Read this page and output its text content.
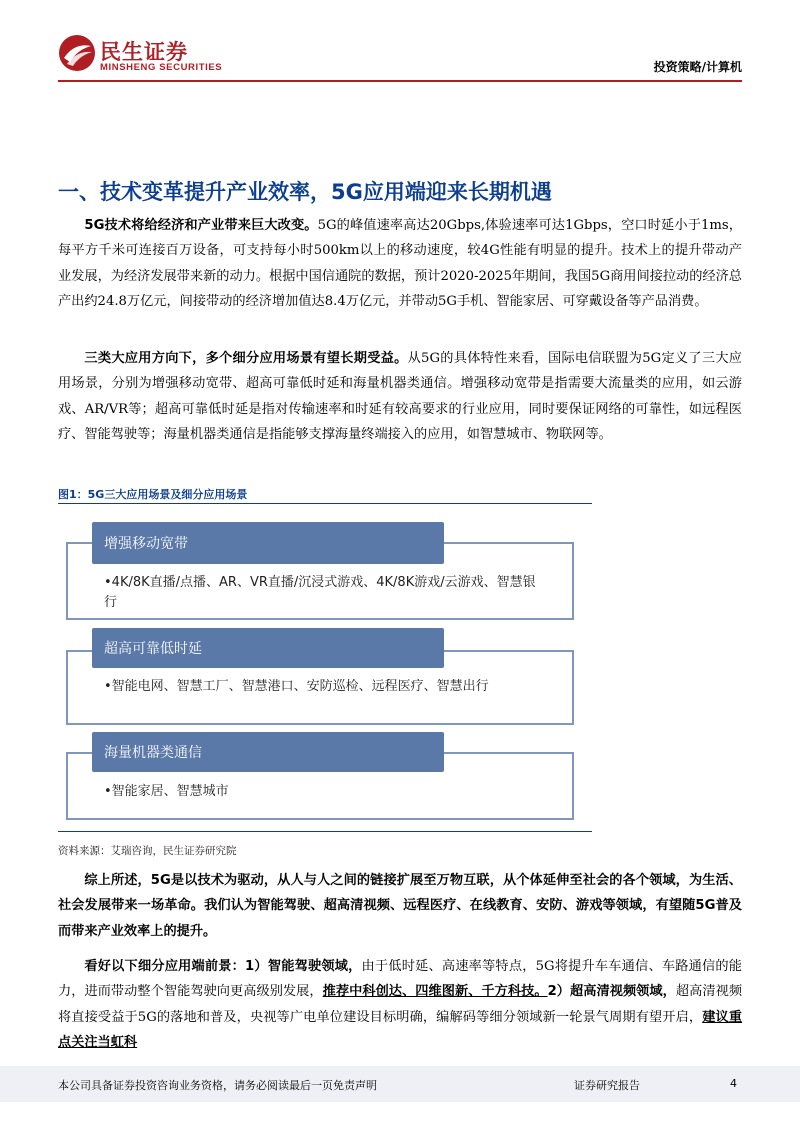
民生证券
MINSHENG SECURITIES	投资策略/计算机
一、技术变革提升产业效率，5G应用端迎来长期机遇
5G技术将给经济和产业带来巨大改变。5G的峰值速率高达20Gbps,体验速率可达1Gbps，空口时延小于1ms，每平方千米可连接百万设备，可支持每小时500km以上的移动速度，较4G性能有明显的提升。技术上的提升带动产业发展，为经济发展带来新的动力。根据中国信通院的数据，预计2020-2025年期间，我国5G商用间接拉动的经济总产出约24.8万亿元，间接带动的经济增加值达8.4万亿元，并带动5G手机、智能家居、可穿戴设备等产品消费。
三类大应用方向下，多个细分应用场景有望长期受益。从5G的具体特性来看，国际电信联盟为5G定义了三大应用场景，分别为增强移动宽带、超高可靠低时延和海量机器类通信。增强移动宽带是指需要大流量类的应用，如云游戏、AR/VR等；超高可靠低时延是指对传输速率和时延有较高要求的行业应用，同时要保证网络的可靠性，如远程医疗、智能驾驶等；海量机器类通信是指能够支撑海量终端接入的应用，如智慧城市、物联网等。
图1：5G三大应用场景及细分应用场景
增强移动宽带
•4K/8K直播/点播、AR、VR直播/沉浸式游戏、4K/8K游戏/云游戏、智慧银行
超高可靠低时延
•智能电网、智慧工厂、智慧港口、安防巡检、远程医疗、智慧出行
海量机器类通信
•智能家居、智慧城市
资料来源：艾瑞咨询，民生证券研究院
综上所述，5G是以技术为驱动，从人与人之间的链接扩展至万物互联，从个体延伸至社会的各个领域，为生活、社会发展带来一场革命。我们认为智能驾驶、超高清视频、远程医疗、在线教育、安防、游戏等领域，有望随5G普及而带来产业效率上的提升。
看好以下细分应用端前景：1）智能驾驶领域，由于低时延、高速率等特点，5G将提升车车通信、车路通信的能力，进而带动整个智能驾驶向更高级别发展，推荐中科创达、四维图新、千方科技。2）超高清视频领域，超高清视频将直接受益于5G的落地和普及，央视等广电单位建设目标明确，编解码等细分领域新一轮景气周期有望开启，建议重点关注当虹科
本公司具备证券投资咨询业务资格，请务必阅读最后一页免责声明	证券研究报告	4
